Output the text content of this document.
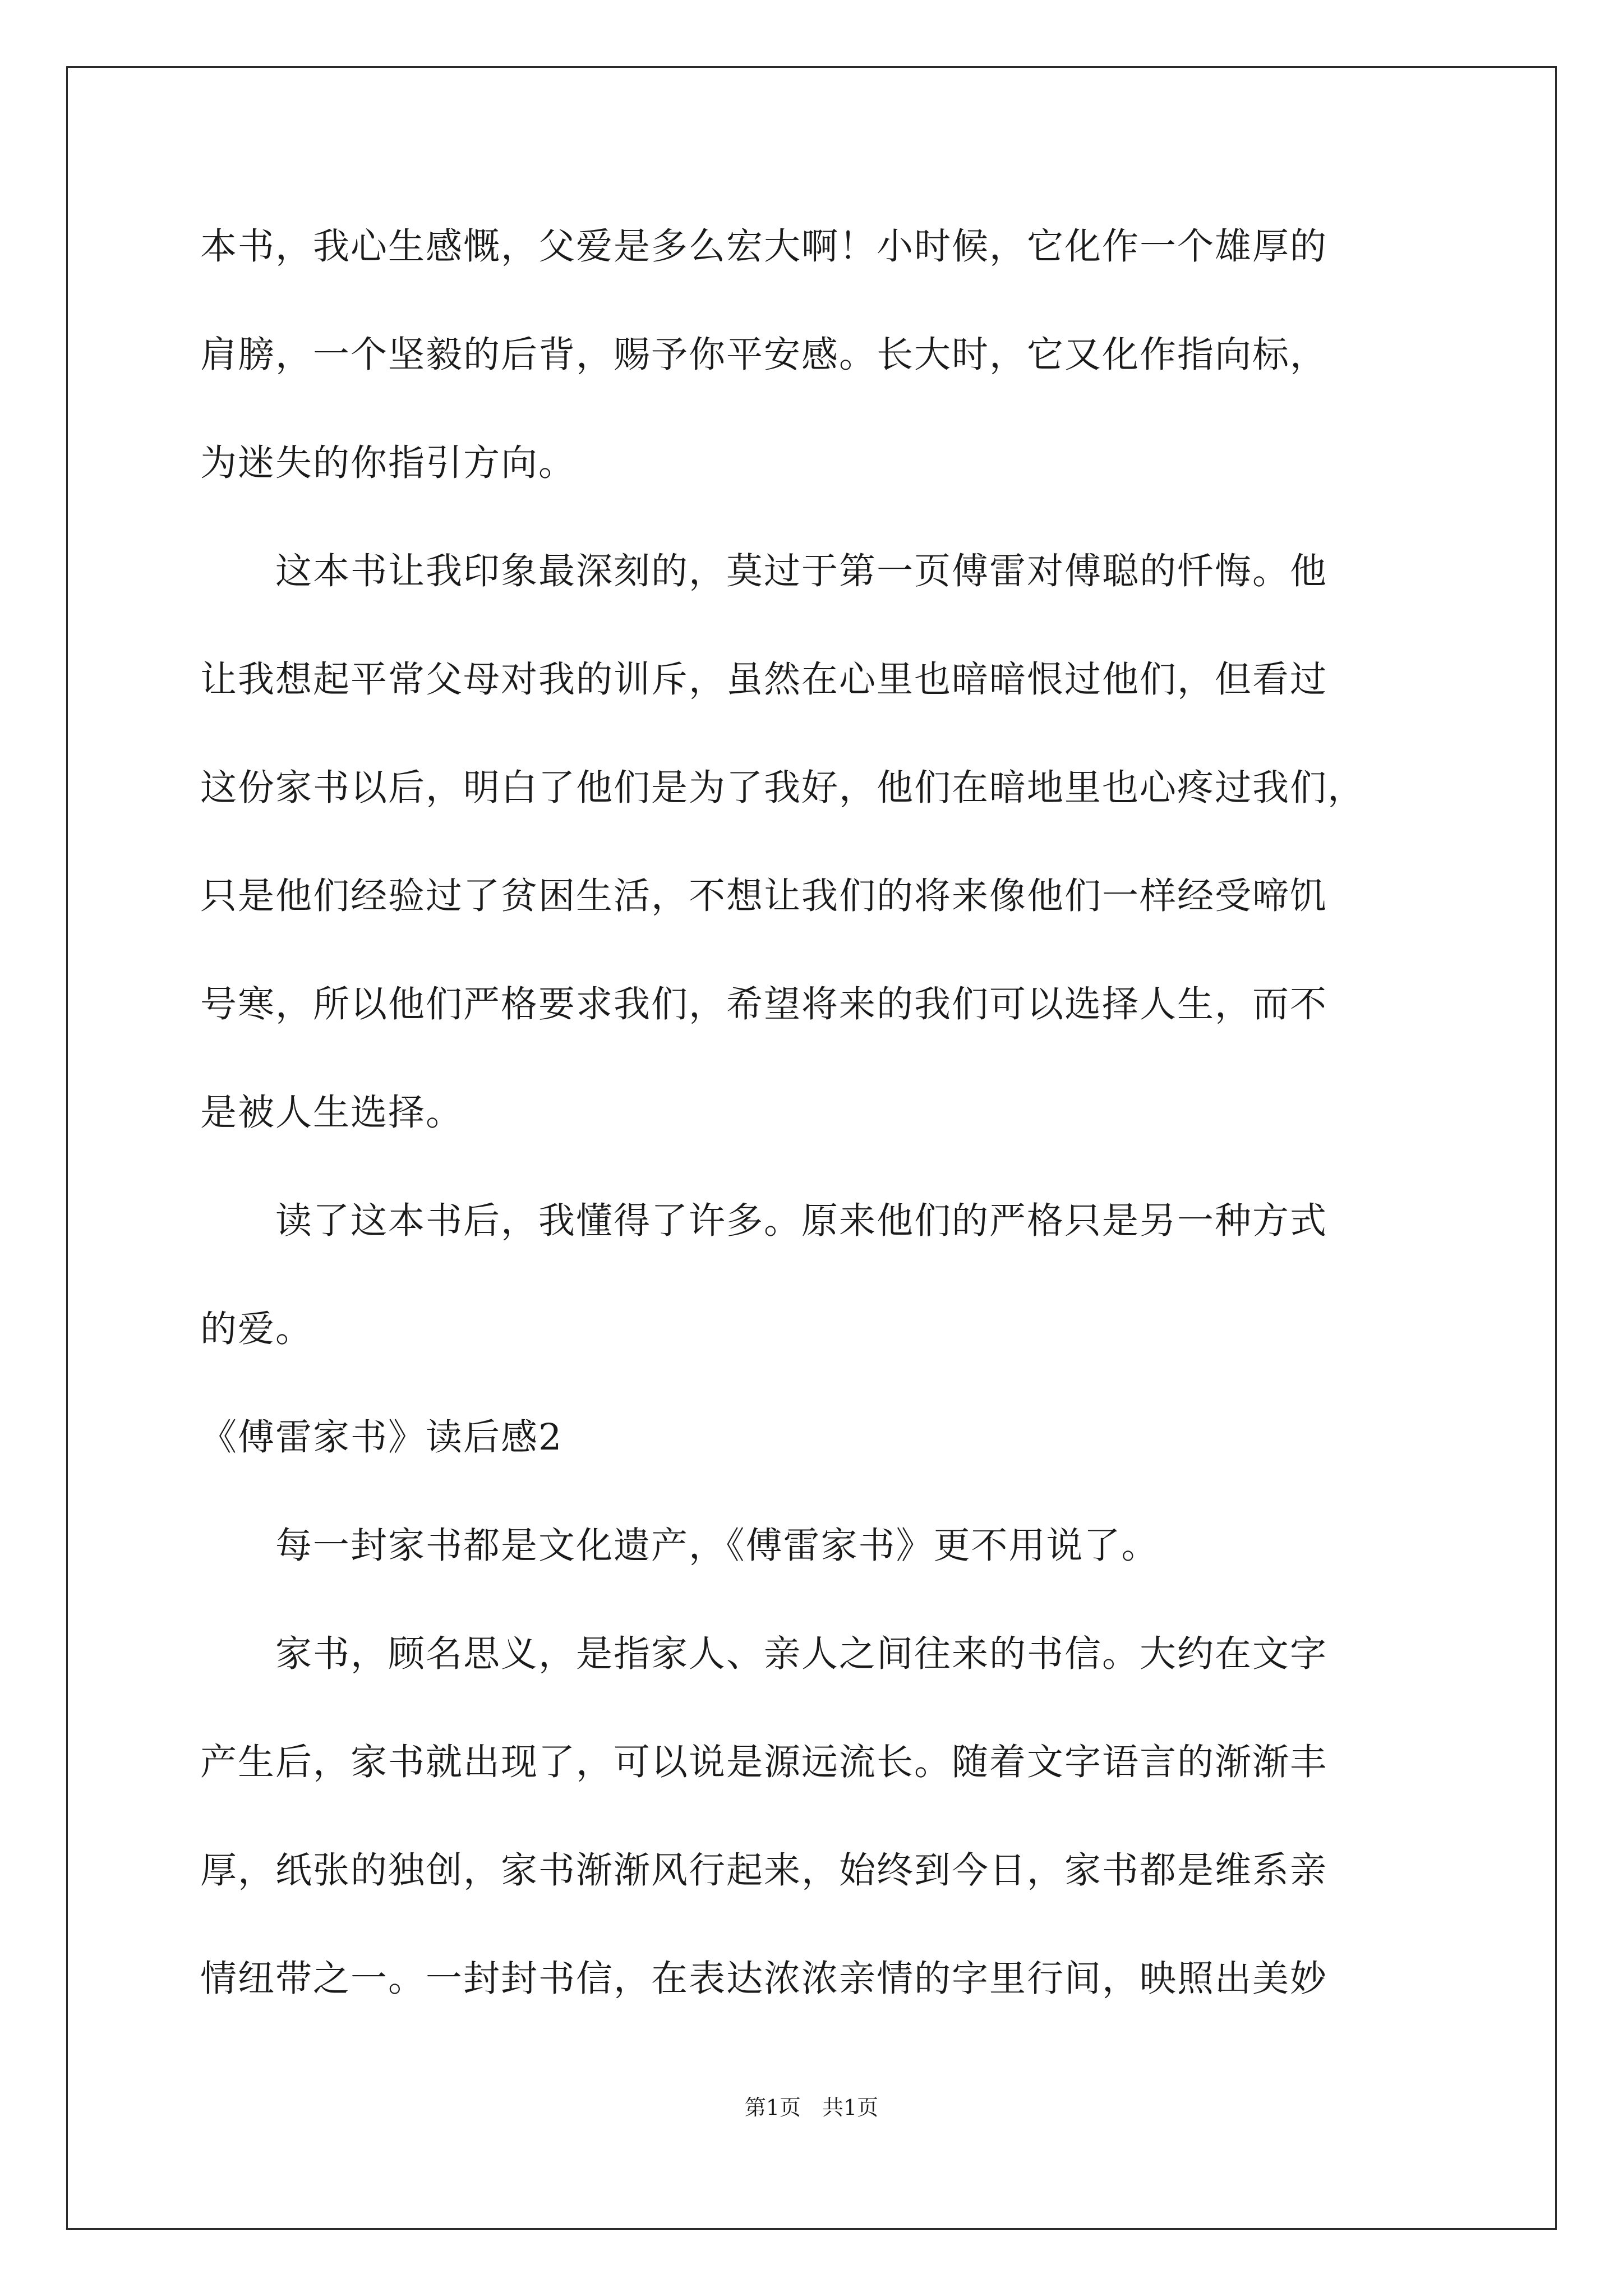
本书，我心生感慨，父爱是多么宏大啊！小时候，它化作一个雄厚的
肩膀，一个坚毅的后背，赐予你平安感。长大时，它又化作指向标，
为迷失的你指引方向。
　　这本书让我印象最深刻的，莫过于第一页傅雷对傅聪的忏悔。他
让我想起平常父母对我的训斥，虽然在心里也暗暗恨过他们，但看过
这份家书以后，明白了他们是为了我好，他们在暗地里也心疼过我们，
只是他们经验过了贫困生活，不想让我们的将来像他们一样经受啼饥
号寒，所以他们严格要求我们，希望将来的我们可以选择人生，而不
是被人生选择。
　　读了这本书后，我懂得了许多。原来他们的严格只是另一种方式
的爱。
《傅雷家书》读后感2
　　每一封家书都是文化遗产，《傅雷家书》更不用说了。
　　家书，顾名思义，是指家人、亲人之间往来的书信。大约在文字
产生后，家书就出现了，可以说是源远流长。随着文字语言的渐渐丰
厚，纸张的独创，家书渐渐风行起来，始终到今日，家书都是维系亲
情纽带之一。一封封书信，在表达浓浓亲情的字里行间，映照出美妙
第1页　共1页
